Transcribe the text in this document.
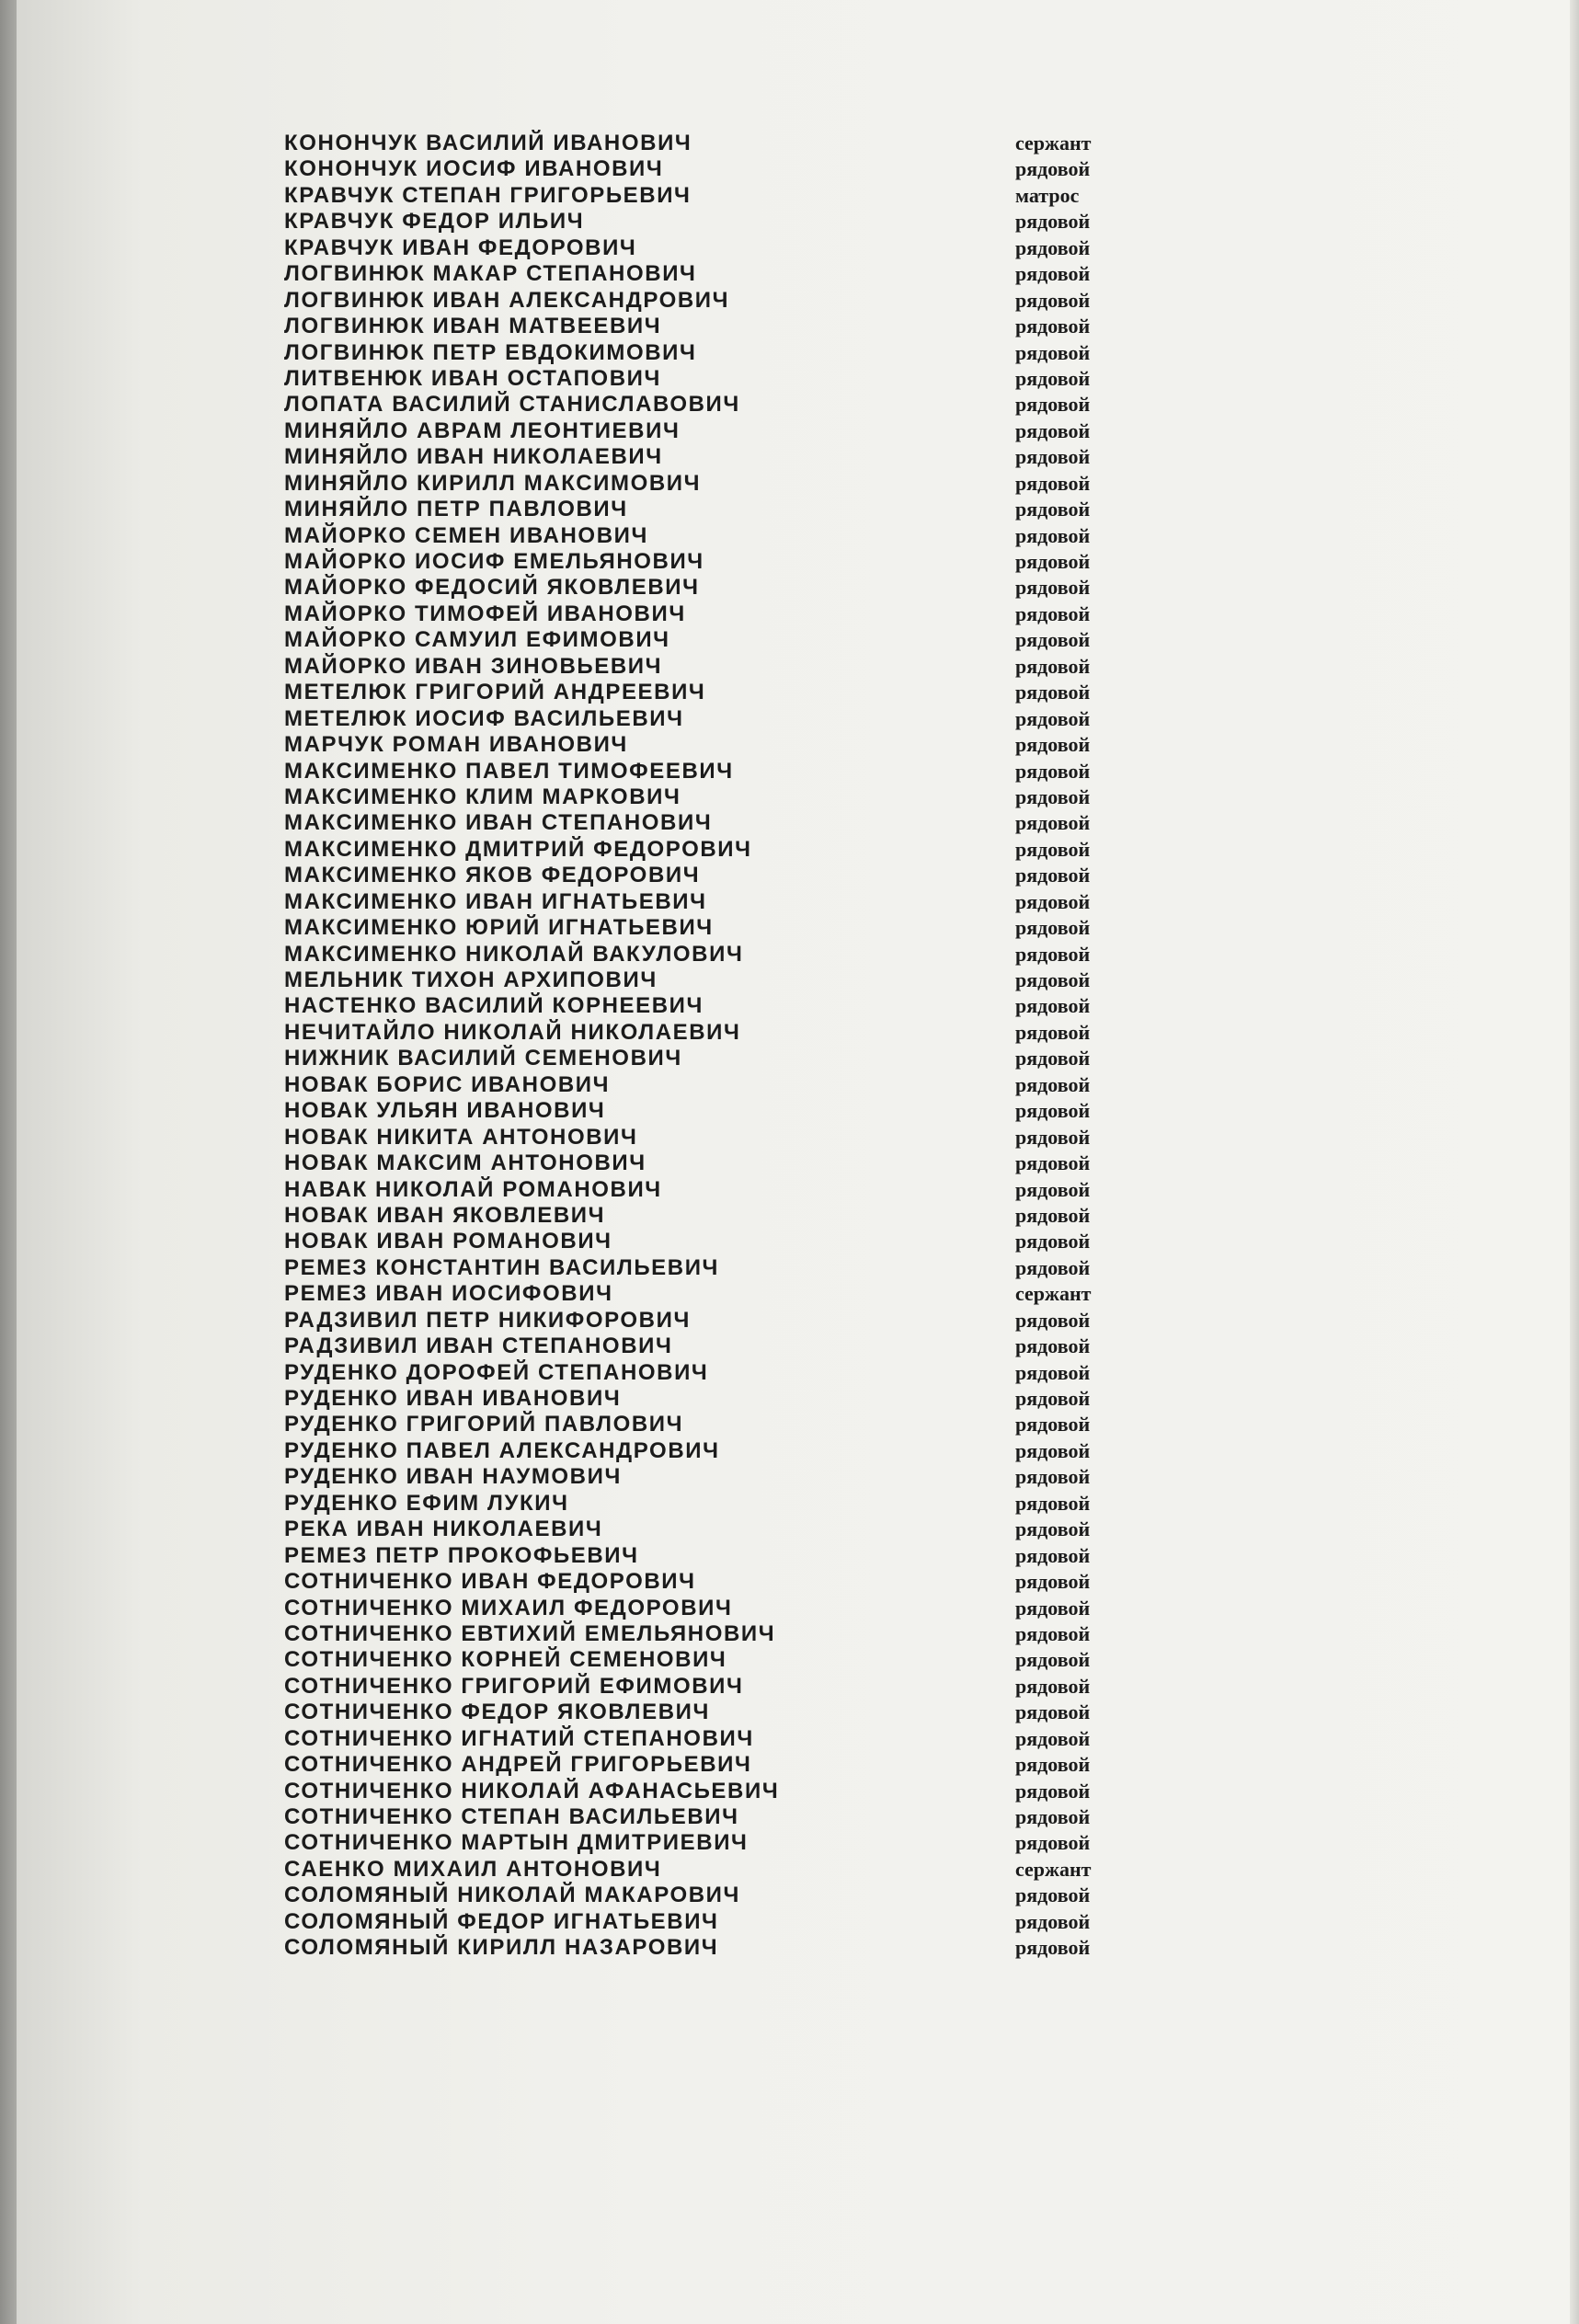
КОНОНЧУК ВАСИЛИЙ ИВАНОВИЧ	сержант
КОНОНЧУК ИОСИФ ИВАНОВИЧ	рядовой
КРАВЧУК СТЕПАН ГРИГОРЬЕВИЧ	матрос
КРАВЧУК ФЕДОР ИЛЬИЧ	рядовой
КРАВЧУК ИВАН ФЕДОРОВИЧ	рядовой
ЛОГВИНЮК МАКАР СТЕПАНОВИЧ	рядовой
ЛОГВИНЮК ИВАН АЛЕКСАНДРОВИЧ	рядовой
ЛОГВИНЮК ИВАН МАТВЕЕВИЧ	рядовой
ЛОГВИНЮК ПЕТР ЕВДОКИМОВИЧ	рядовой
ЛИТВЕНЮК ИВАН ОСТАПОВИЧ	рядовой
ЛОПАТА ВАСИЛИЙ СТАНИСЛАВОВИЧ	рядовой
МИНЯЙЛО АВРАМ ЛЕОНТИЕВИЧ	рядовой
МИНЯЙЛО ИВАН НИКОЛАЕВИЧ	рядовой
МИНЯЙЛО КИРИЛЛ МАКСИМОВИЧ	рядовой
МИНЯЙЛО ПЕТР ПАВЛОВИЧ	рядовой
МАЙОРКО СЕМЕН ИВАНОВИЧ	рядовой
МАЙОРКО ИОСИФ ЕМЕЛЬЯНОВИЧ	рядовой
МАЙОРКО ФЕДОСИЙ ЯКОВЛЕВИЧ	рядовой
МАЙОРКО ТИМОФЕЙ ИВАНОВИЧ	рядовой
МАЙОРКО САМУИЛ ЕФИМОВИЧ	рядовой
МАЙОРКО ИВАН ЗИНОВЬЕВИЧ	рядовой
МЕТЕЛЮК ГРИГОРИЙ АНДРЕЕВИЧ	рядовой
МЕТЕЛЮК ИОСИФ ВАСИЛЬЕВИЧ	рядовой
МАРЧУК РОМАН ИВАНОВИЧ	рядовой
МАКСИМЕНКО ПАВЕЛ ТИМОФЕЕВИЧ	рядовой
МАКСИМЕНКО КЛИМ МАРКОВИЧ	рядовой
МАКСИМЕНКО ИВАН СТЕПАНОВИЧ	рядовой
МАКСИМЕНКО ДМИТРИЙ ФЕДОРОВИЧ	рядовой
МАКСИМЕНКО ЯКОВ ФЕДОРОВИЧ	рядовой
МАКСИМЕНКО ИВАН ИГНАТЬЕВИЧ	рядовой
МАКСИМЕНКО ЮРИЙ ИГНАТЬЕВИЧ	рядовой
МАКСИМЕНКО НИКОЛАЙ ВАКУЛОВИЧ	рядовой
МЕЛЬНИК ТИХОН АРХИПОВИЧ	рядовой
НАСТЕНКО ВАСИЛИЙ КОРНЕЕВИЧ	рядовой
НЕЧИТАЙЛО НИКОЛАЙ НИКОЛАЕВИЧ	рядовой
НИЖНИК ВАСИЛИЙ СЕМЕНОВИЧ	рядовой
НОВАК БОРИС ИВАНОВИЧ	рядовой
НОВАК УЛЬЯН ИВАНОВИЧ	рядовой
НОВАК НИКИТА АНТОНОВИЧ	рядовой
НОВАК МАКСИМ АНТОНОВИЧ	рядовой
НАВАК НИКОЛАЙ РОМАНОВИЧ	рядовой
НОВАК ИВАН ЯКОВЛЕВИЧ	рядовой
НОВАК ИВАН РОМАНОВИЧ	рядовой
РЕМЕЗ КОНСТАНТИН ВАСИЛЬЕВИЧ	рядовой
РЕМЕЗ ИВАН ИОСИФОВИЧ	сержант
РАДЗИВИЛ ПЕТР НИКИФОРОВИЧ	рядовой
РАДЗИВИЛ ИВАН СТЕПАНОВИЧ	рядовой
РУДЕНКО ДОРОФЕЙ СТЕПАНОВИЧ	рядовой
РУДЕНКО ИВАН ИВАНОВИЧ	рядовой
РУДЕНКО ГРИГОРИЙ ПАВЛОВИЧ	рядовой
РУДЕНКО ПАВЕЛ АЛЕКСАНДРОВИЧ	рядовой
РУДЕНКО ИВАН НАУМОВИЧ	рядовой
РУДЕНКО ЕФИМ ЛУКИЧ	рядовой
РЕКА ИВАН НИКОЛАЕВИЧ	рядовой
РЕМЕЗ ПЕТР ПРОКОФЬЕВИЧ	рядовой
СОТНИЧЕНКО ИВАН ФЕДОРОВИЧ	рядовой
СОТНИЧЕНКО МИХАИЛ ФЕДОРОВИЧ	рядовой
СОТНИЧЕНКО ЕВТИХИЙ ЕМЕЛЬЯНОВИЧ	рядовой
СОТНИЧЕНКО КОРНЕЙ СЕМЕНОВИЧ	рядовой
СОТНИЧЕНКО ГРИГОРИЙ ЕФИМОВИЧ	рядовой
СОТНИЧЕНКО ФЕДОР ЯКОВЛЕВИЧ	рядовой
СОТНИЧЕНКО ИГНАТИЙ СТЕПАНОВИЧ	рядовой
СОТНИЧЕНКО АНДРЕЙ ГРИГОРЬЕВИЧ	рядовой
СОТНИЧЕНКО НИКОЛАЙ АФАНАСЬЕВИЧ	рядовой
СОТНИЧЕНКО СТЕПАН ВАСИЛЬЕВИЧ	рядовой
СОТНИЧЕНКО МАРТЫН ДМИТРИЕВИЧ	рядовой
САЕНКО МИХАИЛ АНТОНОВИЧ	сержант
СОЛОМЯНЫЙ НИКОЛАЙ МАКАРОВИЧ	рядовой
СОЛОМЯНЫЙ ФЕДОР ИГНАТЬЕВИЧ	рядовой
СОЛОМЯНЫЙ КИРИЛЛ НАЗАРОВИЧ	рядовой
